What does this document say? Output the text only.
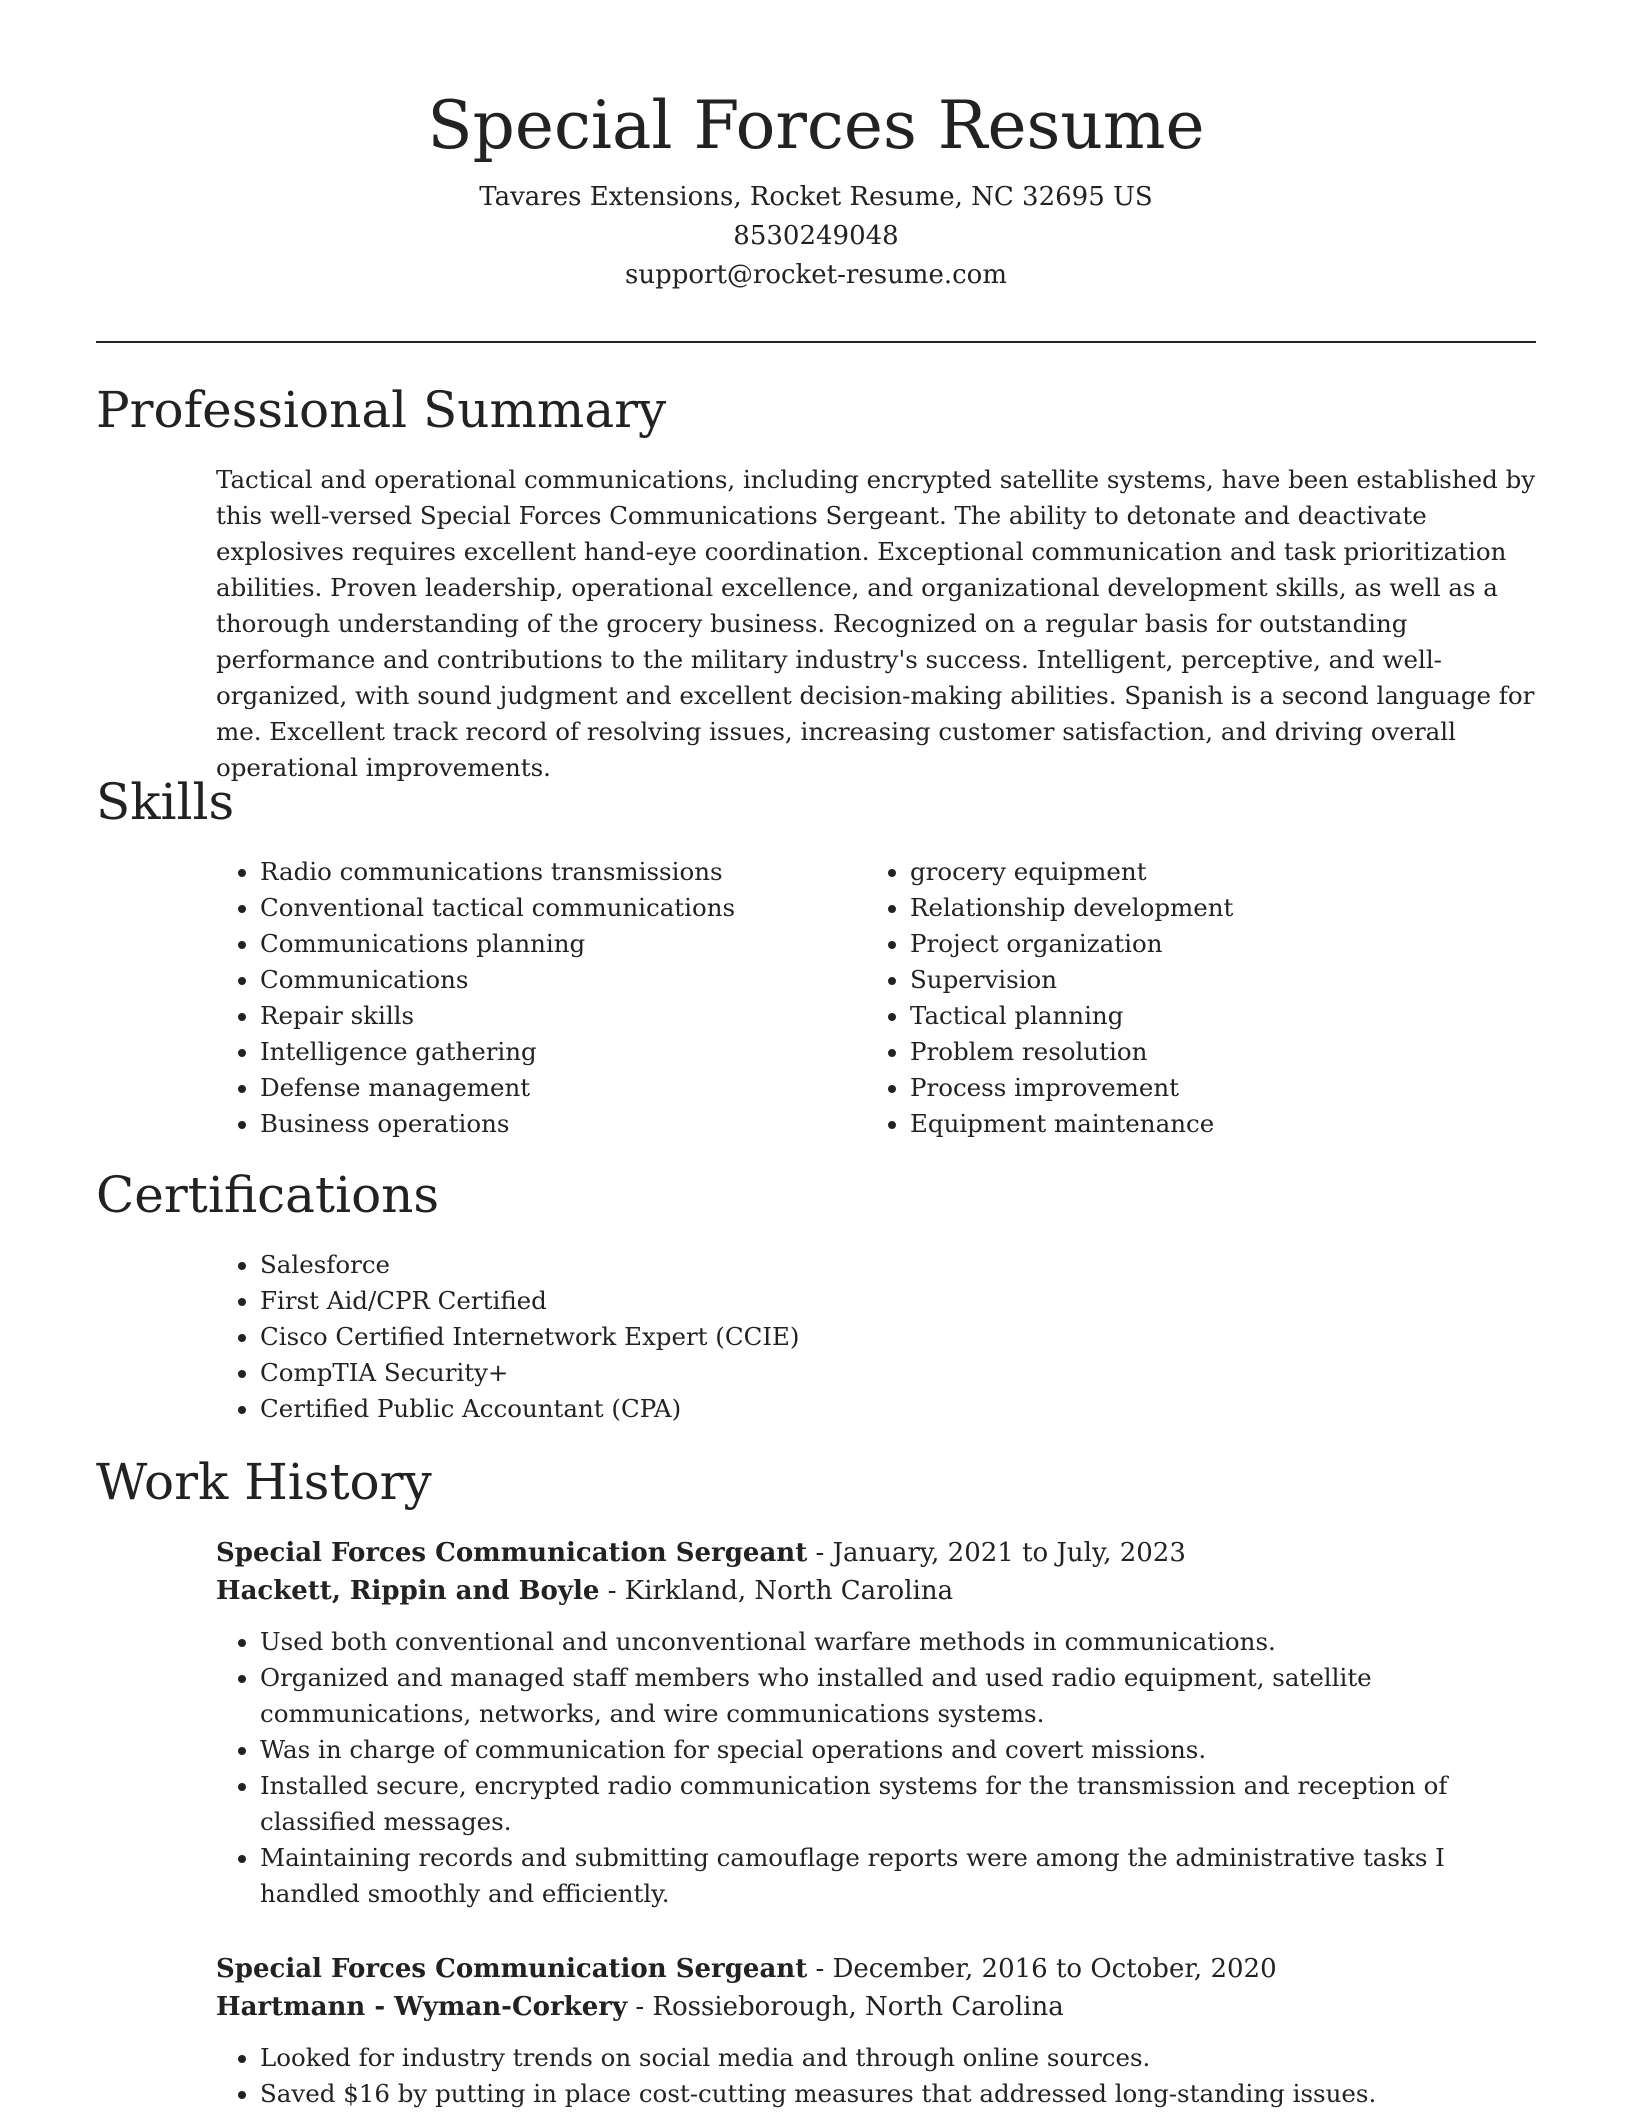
Special Forces Resume
Tavares Extensions, Rocket Resume, NC 32695 US
8530249048
support@rocket-resume.com
Professional Summary

Tactical and operational communications, including encrypted satellite systems, have been established by this well-versed Special Forces Communications Sergeant. The ability to detonate and deactivate explosives requires excellent hand-eye coordination. Exceptional communication and task prioritization abilities. Proven leadership, operational excellence, and organizational development skills, as well as a thorough understanding of the grocery business. Recognized on a regular basis for outstanding performance and contributions to the military industry's success. Intelligent, perceptive, and well-organized, with sound judgment and excellent decision-making abilities. Spanish is a second language for me. Excellent track record of resolving issues, increasing customer satisfaction, and driving overall operational improvements.

Skills
• Radio communications transmissions
• Conventional tactical communications
• Communications planning
• Communications
• Repair skills
• Intelligence gathering
• Defense management
• Business operations
• grocery equipment
• Relationship development
• Project organization
• Supervision
• Tactical planning
• Problem resolution
• Process improvement
• Equipment maintenance
Certifications
• Salesforce
• First Aid/CPR Certified
• Cisco Certified Internetwork Expert (CCIE)
• CompTIA Security+
• Certified Public Accountant (CPA)
Work History
Special Forces Communication Sergeant - January, 2021 to July, 2023
Hackett, Rippin and Boyle - Kirkland, North Carolina
• Used both conventional and unconventional warfare methods in communications.
• Organized and managed staff members who installed and used radio equipment, satellite communications, networks, and wire communications systems.
• Was in charge of communication for special operations and covert missions.
• Installed secure, encrypted radio communication systems for the transmission and reception of classified messages.
• Maintaining records and submitting camouflage reports were among the administrative tasks I handled smoothly and efficiently.
Special Forces Communication Sergeant - December, 2016 to October, 2020
Hartmann - Wyman-Corkery - Rossieborough, North Carolina
• Looked for industry trends on social media and through online sources.
• Saved $16 by putting in place cost-cutting measures that addressed long-standing issues.
